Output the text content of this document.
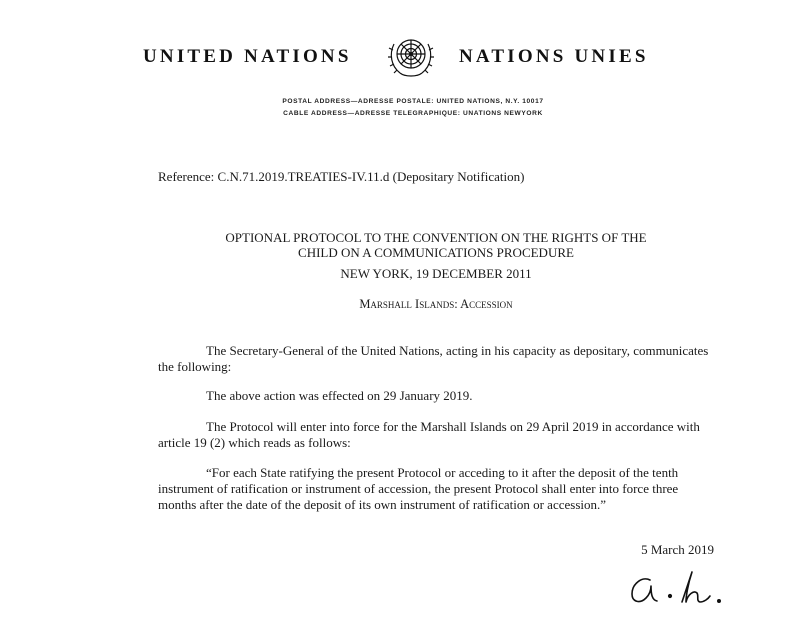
UNITED NATIONS	NATIONS UNIES
POSTAL ADDRESS—ADRESSE POSTALE: UNITED NATIONS, N.Y. 10017
CABLE ADDRESS—ADRESSE TELEGRAPHIQUE: UNATIONS NEWYORK
Reference: C.N.71.2019.TREATIES-IV.11.d (Depositary Notification)
OPTIONAL PROTOCOL TO THE CONVENTION ON THE RIGHTS OF THE
CHILD ON A COMMUNICATIONS PROCEDURE
NEW YORK, 19 DECEMBER 2011
Marshall Islands: Accession
The Secretary-General of the United Nations, acting in his capacity as depositary, communicates the following:
The above action was effected on 29 January 2019.
The Protocol will enter into force for the Marshall Islands on 29 April 2019 in accordance with article 19 (2) which reads as follows:
“For each State ratifying the present Protocol or acceding to it after the deposit of the tenth instrument of ratification or instrument of accession, the present Protocol shall enter into force three months after the date of the deposit of its own instrument of ratification or accession.”
5 March 2019
